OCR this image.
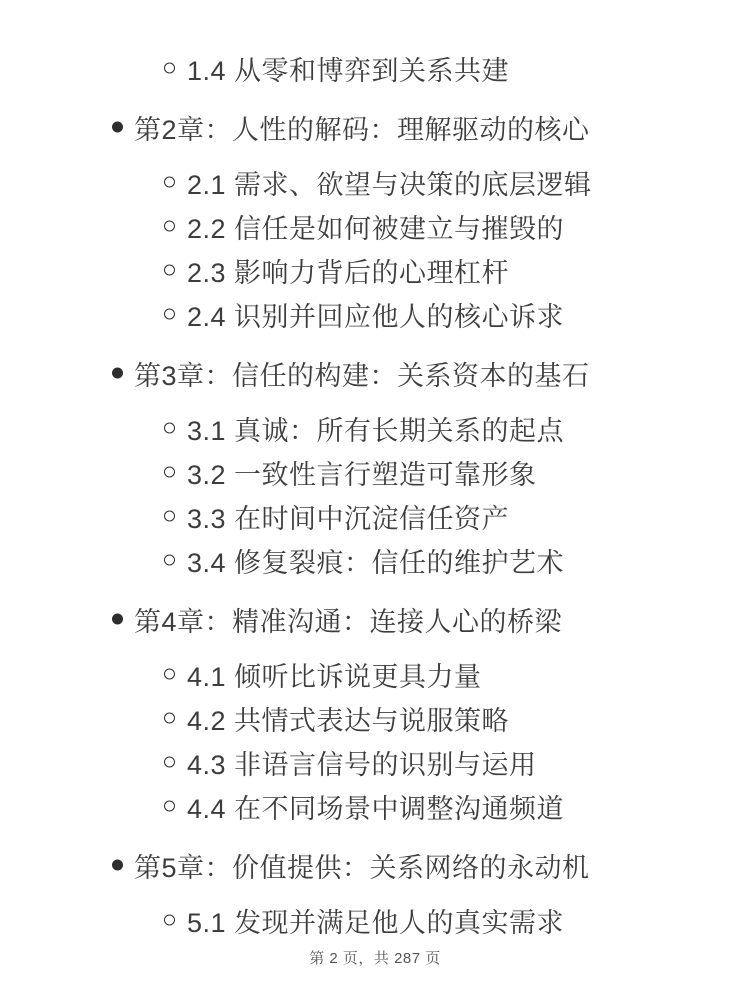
1.4 从零和博弈到关系共建
第2章：人性的解码：理解驱动的核心
2.1 需求、欲望与决策的底层逻辑
2.2 信任是如何被建立与摧毁的
2.3 影响力背后的心理杠杆
2.4 识别并回应他人的核心诉求
第3章：信任的构建：关系资本的基石
3.1 真诚：所有长期关系的起点
3.2 一致性言行塑造可靠形象
3.3 在时间中沉淀信任资产
3.4 修复裂痕：信任的维护艺术
第4章：精准沟通：连接人心的桥梁
4.1 倾听比诉说更具力量
4.2 共情式表达与说服策略
4.3 非语言信号的识别与运用
4.4 在不同场景中调整沟通频道
第5章：价值提供：关系网络的永动机
5.1 发现并满足他人的真实需求
第 2 页，共 287 页
